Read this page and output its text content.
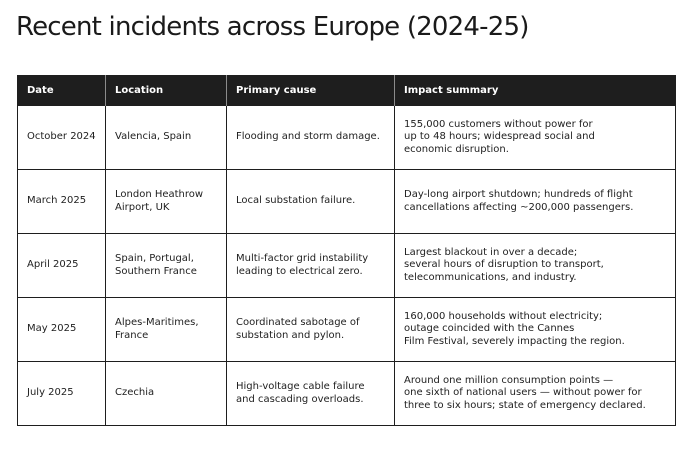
Recent incidents across Europe (2024-25)
Date	Location	Primary cause	Impact summary
October 2024	Valencia, Spain	Flooding and storm damage.	155,000 customers without power for
up to 48 hours; widespread social and
economic disruption.
March 2025	London Heathrow
Airport, UK	Local substation failure.	Day-long airport shutdown; hundreds of flight
cancellations affecting ~200,000 passengers.
April 2025	Spain, Portugal,
Southern France	Multi-factor grid instability
leading to electrical zero.	Largest blackout in over a decade;
several hours of disruption to transport,
telecommunications, and industry.
May 2025	Alpes-Maritimes,
France	Coordinated sabotage of
substation and pylon.	160,000 households without electricity;
outage coincided with the Cannes
Film Festival, severely impacting the region.
July 2025	Czechia	High-voltage cable failure
and cascading overloads.	Around one million consumption points —
one sixth of national users — without power for
three to six hours; state of emergency declared.
